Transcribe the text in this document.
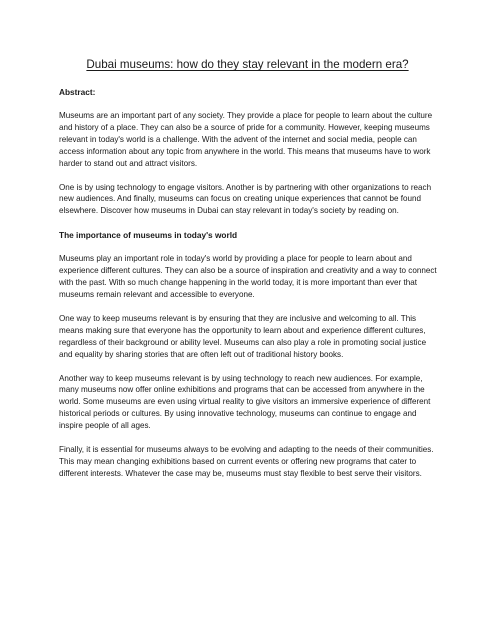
Dubai museums: how do they stay relevant in the modern era?

Abstract:

Museums are an important part of any society. They provide a place for people to learn about the culture and history of a place. They can also be a source of pride for a community. However, keeping museums relevant in today's world is a challenge. With the advent of the internet and social media, people can access information about any topic from anywhere in the world. This means that museums have to work harder to stand out and attract visitors.

One is by using technology to engage visitors. Another is by partnering with other organizations to reach new audiences. And finally, museums can focus on creating unique experiences that cannot be found elsewhere. Discover how museums in Dubai can stay relevant in today's society by reading on.

The importance of museums in today's world

Museums play an important role in today's world by providing a place for people to learn about and experience different cultures. They can also be a source of inspiration and creativity and a way to connect with the past. With so much change happening in the world today, it is more important than ever that museums remain relevant and accessible to everyone.

One way to keep museums relevant is by ensuring that they are inclusive and welcoming to all. This means making sure that everyone has the opportunity to learn about and experience different cultures, regardless of their background or ability level. Museums can also play a role in promoting social justice and equality by sharing stories that are often left out of traditional history books.

Another way to keep museums relevant is by using technology to reach new audiences. For example, many museums now offer online exhibitions and programs that can be accessed from anywhere in the world. Some museums are even using virtual reality to give visitors an immersive experience of different historical periods or cultures. By using innovative technology, museums can continue to engage and inspire people of all ages.

Finally, it is essential for museums always to be evolving and adapting to the needs of their communities. This may mean changing exhibitions based on current events or offering new programs that cater to different interests. Whatever the case may be, museums must stay flexible to best serve their visitors.
